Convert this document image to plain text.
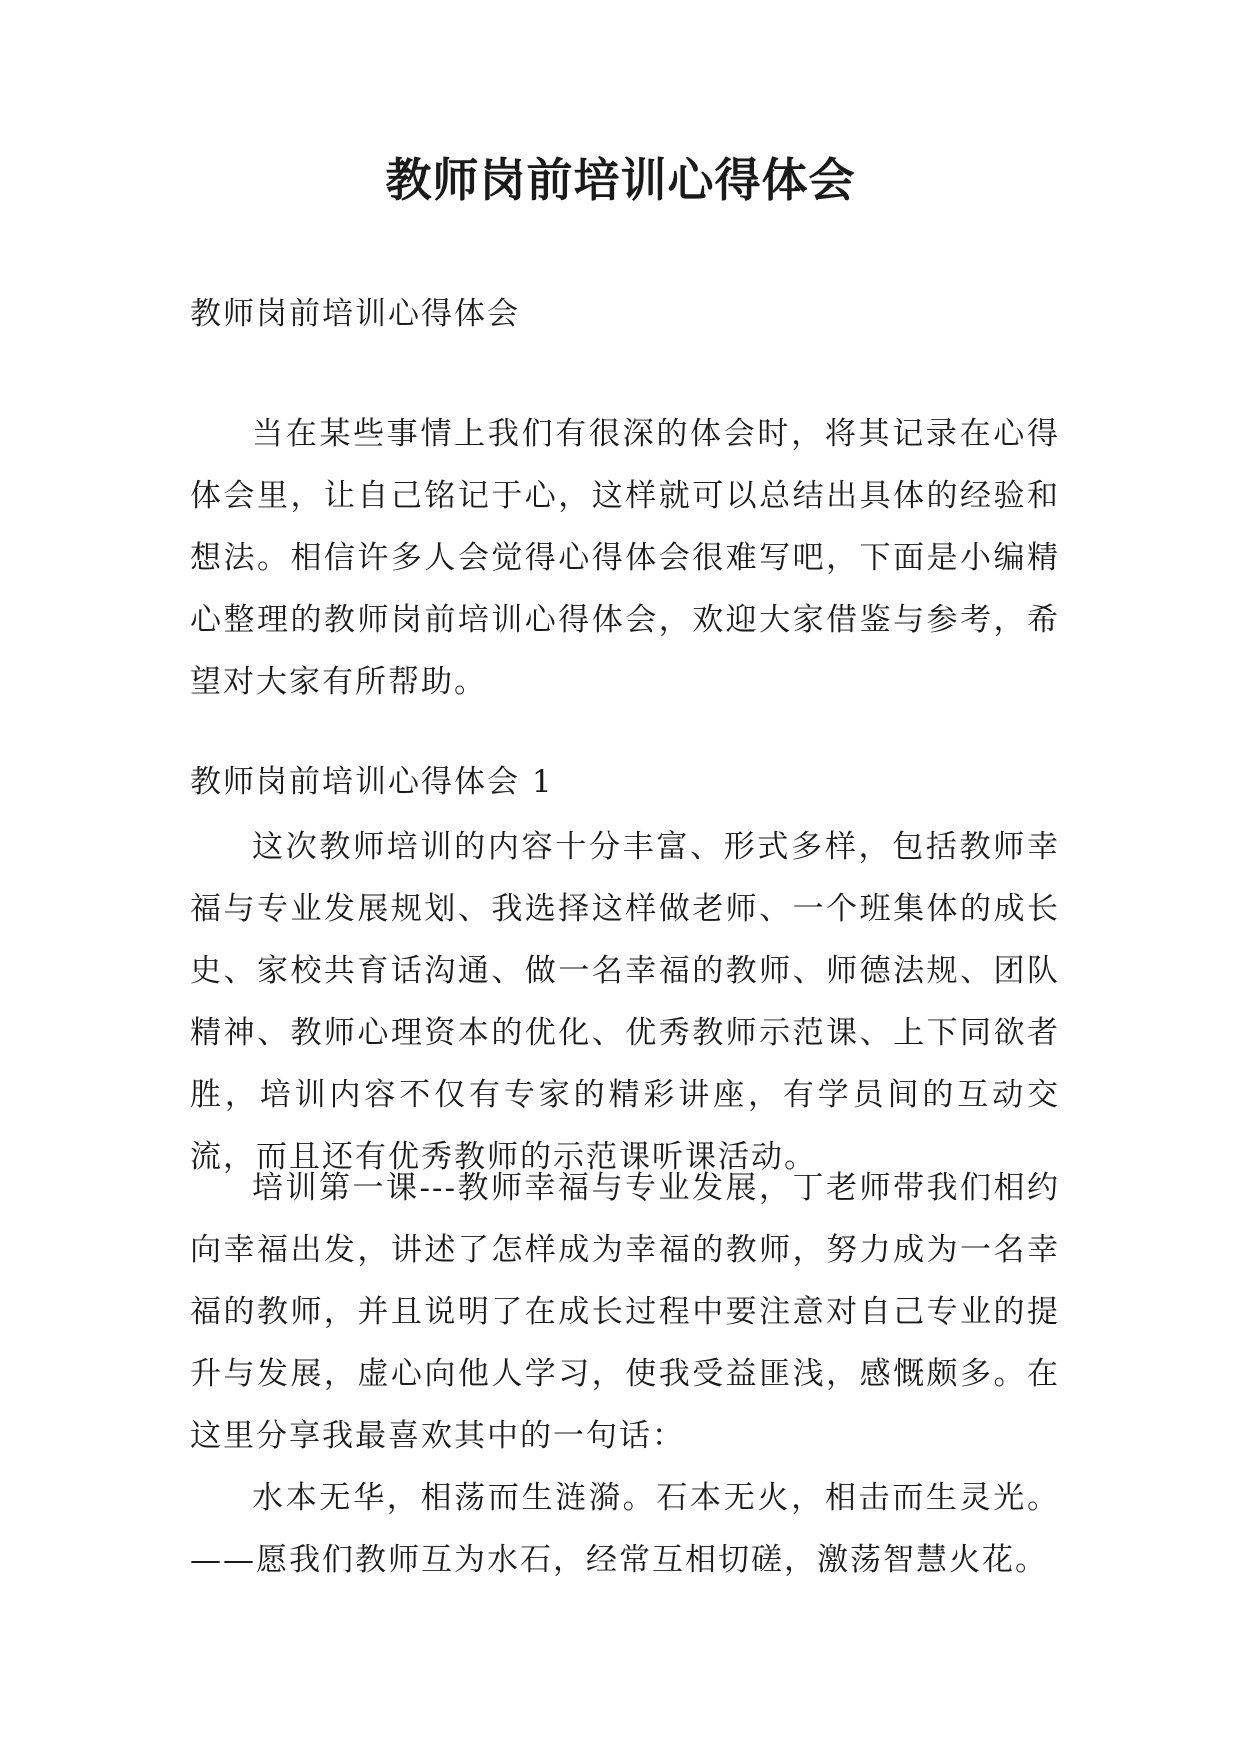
教师岗前培训心得体会

教师岗前培训心得体会

当在某些事情上我们有很深的体会时，将其记录在心得体会里，让自己铭记于心，这样就可以总结出具体的经验和想法。相信许多人会觉得心得体会很难写吧，下面是小编精心整理的教师岗前培训心得体会，欢迎大家借鉴与参考，希望对大家有所帮助。

教师岗前培训心得体会 1

这次教师培训的内容十分丰富、形式多样，包括教师幸福与专业发展规划、我选择这样做老师、一个班集体的成长史、家校共育话沟通、做一名幸福的教师、师德法规、团队精神、教师心理资本的优化、优秀教师示范课、上下同欲者胜，培训内容不仅有专家的精彩讲座，有学员间的互动交流，而且还有优秀教师的示范课听课活动。

培训第一课---教师幸福与专业发展，丁老师带我们相约向幸福出发，讲述了怎样成为幸福的教师，努力成为一名幸福的教师，并且说明了在成长过程中要注意对自己专业的提升与发展，虚心向他人学习，使我受益匪浅，感慨颇多。在这里分享我最喜欢其中的一句话：

水本无华，相荡而生涟漪。石本无火，相击而生灵光。——愿我们教师互为水石，经常互相切磋，激荡智慧火花。
